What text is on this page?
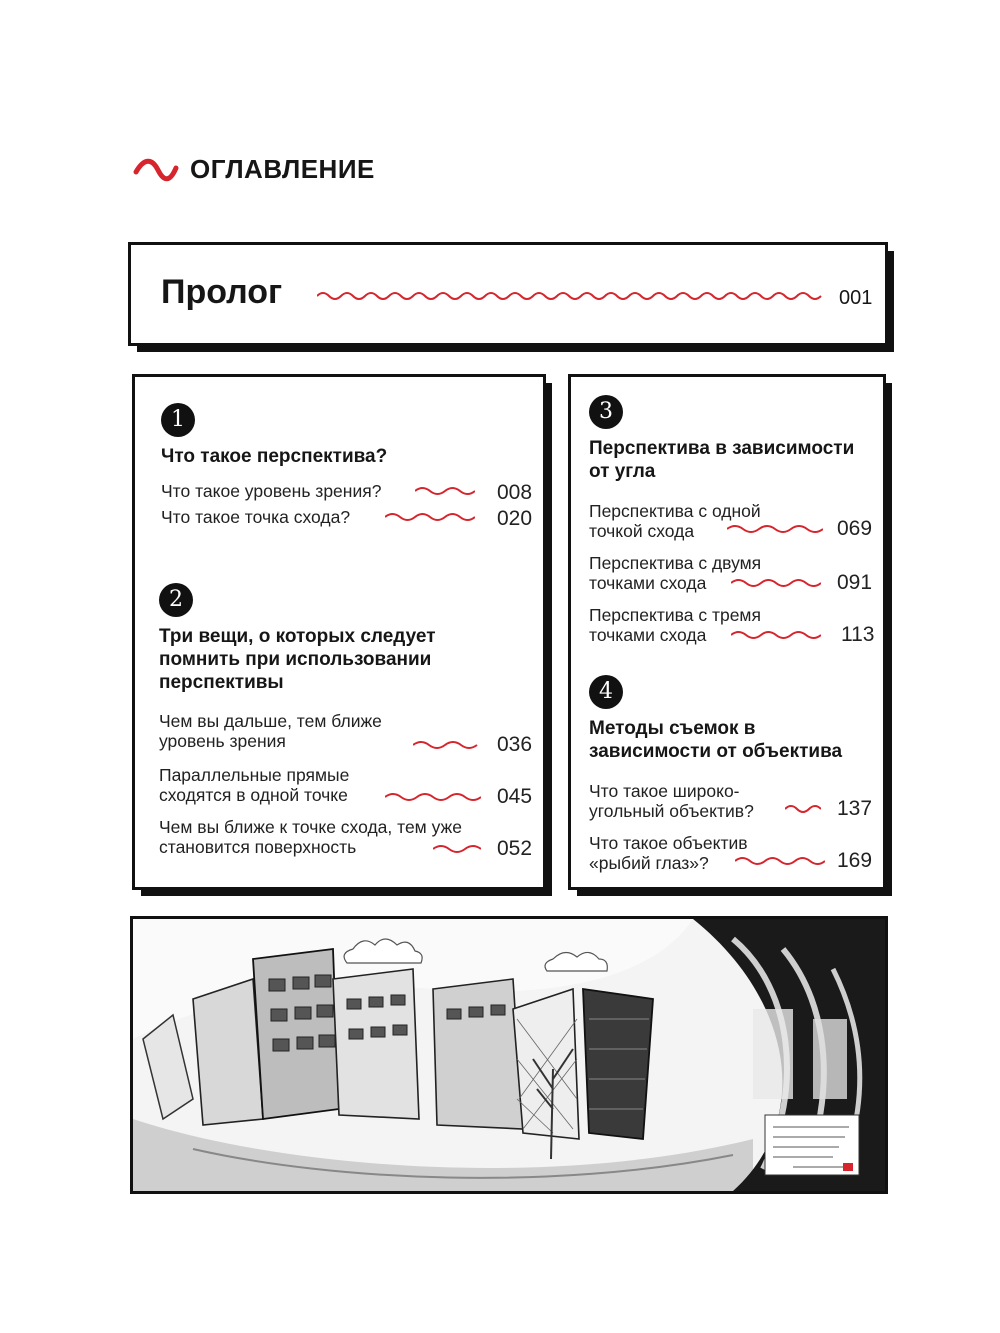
ОГЛАВЛЕНИЕ
Пролог	001
1
Что такое перспектива?
Что такое уровень зрения?	008
Что такое точка схода?	020
2
Три вещи, о которых следует помнить при использовании перспективы
Чем вы дальше, тем ближе уровень зрения	036
Параллельные прямые сходятся в одной точке	045
Чем вы ближе к точке схода, тем уже становится поверхность	052
3
Перспектива в зависимости от угла
Перспектива с одной точкой схода	069
Перспектива с двумя точками схода	091
Перспектива с тремя точками схода	113
4
Методы съемок в зависимости от объектива
Что такое широко-угольный объектив?	137
Что такое объектив «рыбий глаз»?	169
